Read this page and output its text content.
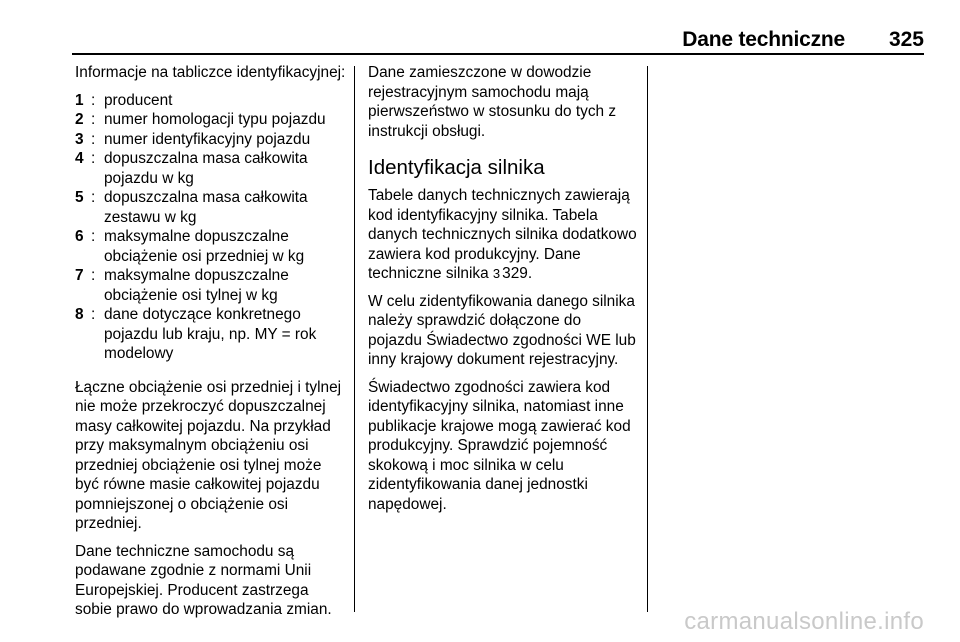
Dane techniczne 325

Informacje na tabliczce identyfikacyjnej:

1 : producent
2 : numer homologacji typu pojazdu
3 : numer identyfikacyjny pojazdu
4 : dopuszczalna masa całkowita pojazdu w kg
5 : dopuszczalna masa całkowita zestawu w kg
6 : maksymalne dopuszczalne obciążenie osi przedniej w kg
7 : maksymalne dopuszczalne obciążenie osi tylnej w kg
8 : dane dotyczące konkretnego pojazdu lub kraju, np. MY = rok modelowy

Łączne obciążenie osi przedniej i tylnej nie może przekroczyć dopuszczalnej masy całkowitej pojazdu. Na przykład przy maksymalnym obciążeniu osi przedniej obciążenie osi tylnej może być równe masie całkowitej pojazdu pomniejszonej o obciążenie osi przedniej.

Dane techniczne samochodu są podawane zgodnie z normami Unii Europejskiej. Producent zastrzega sobie prawo do wprowadzania zmian.

Dane zamieszczone w dowodzie rejestracyjnym samochodu mają pierwszeństwo w stosunku do tych z instrukcji obsługi.

Identyfikacja silnika

Tabele danych technicznych zawierają kod identyfikacyjny silnika. Tabela danych technicznych silnika dodatkowo zawiera kod produkcyjny. Dane techniczne silnika 3 329.

W celu zidentyfikowania danego silnika należy sprawdzić dołączone do pojazdu Świadectwo zgodności WE lub inny krajowy dokument rejestracyjny.

Świadectwo zgodności zawiera kod identyfikacyjny silnika, natomiast inne publikacje krajowe mogą zawierać kod produkcyjny. Sprawdzić pojemność skokową i moc silnika w celu zidentyfikowania danej jednostki napędowej.

carmanualsonline.info
